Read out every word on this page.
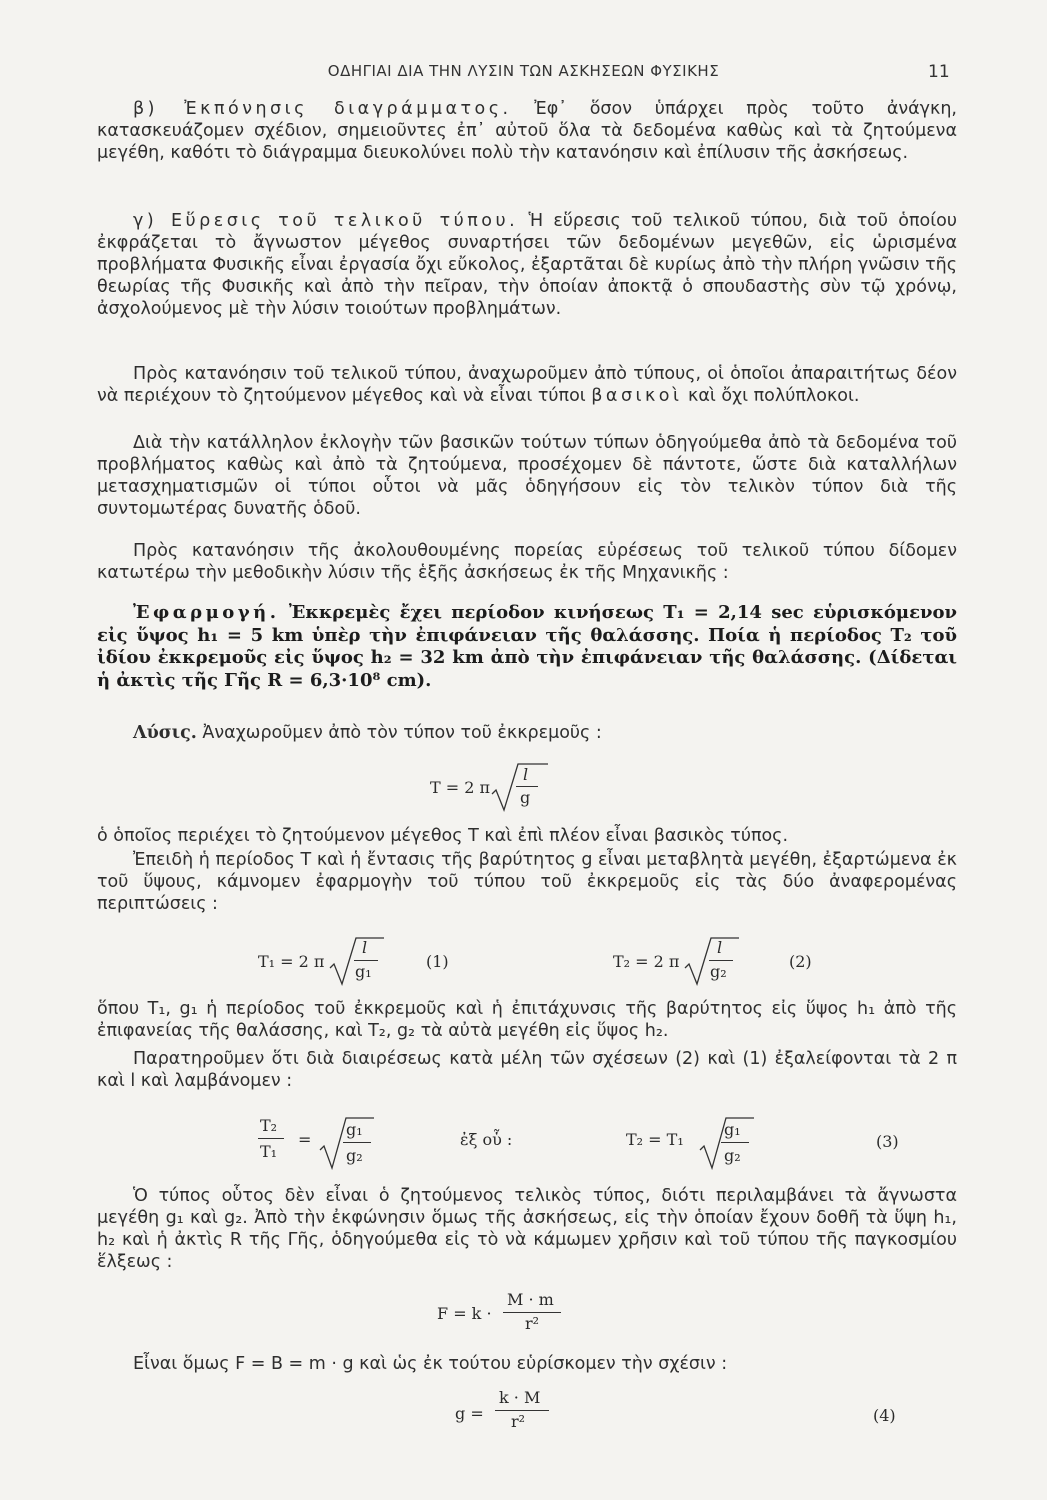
ΟΔΗΓΙΑΙ ΔΙΑ ΤΗΝ ΛΥΣΙΝ ΤΩΝ ΑΣΚΗΣΕΩΝ ΦΥΣΙΚΗΣ	11

β) Ἐκπόνησις διαγράμματος. Ἐφ᾽ ὅσον ὑπάρχει πρὸς τοῦτο ἀνάγκη, κατασκευάζομεν σχέδιον, σημειοῦντες ἐπ᾽ αὐτοῦ ὅλα τὰ δεδομένα καθὼς καὶ τὰ ζητούμενα μεγέθη, καθότι τὸ διάγραμμα διευκολύνει πολὺ τὴν κατανόησιν καὶ ἐπίλυσιν τῆς ἀσκήσεως.

γ) Εὕρεσις τοῦ τελικοῦ τύπου. Ἡ εὕρεσις τοῦ τελικοῦ τύπου, διὰ τοῦ ὁποίου ἐκφράζεται τὸ ἄγνωστον μέγεθος συναρτήσει τῶν δεδομένων μεγεθῶν, εἰς ὡρισμένα προβλήματα Φυσικῆς εἶναι ἐργασία ὄχι εὔκολος, ἐξαρτᾶται δὲ κυρίως ἀπὸ τὴν πλήρη γνῶσιν τῆς θεωρίας τῆς Φυσικῆς καὶ ἀπὸ τὴν πεῖραν, τὴν ὁποίαν ἀποκτᾷ ὁ σπουδαστὴς σὺν τῷ χρόνῳ, ἀσχολούμενος μὲ τὴν λύσιν τοιούτων προβλημάτων.

Πρὸς κατανόησιν τοῦ τελικοῦ τύπου, ἀναχωροῦμεν ἀπὸ τύπους, οἱ ὁποῖοι ἀπαραιτήτως δέον νὰ περιέχουν τὸ ζητούμενον μέγεθος καὶ νὰ εἶναι τύποι βασικοὶ καὶ ὄχι πολύπλοκοι.

Διὰ τὴν κατάλληλον ἐκλογὴν τῶν βασικῶν τούτων τύπων ὁδηγούμεθα ἀπὸ τὰ δεδομένα τοῦ προβλήματος καθὼς καὶ ἀπὸ τὰ ζητούμενα, προσέχομεν δὲ πάντοτε, ὥστε διὰ καταλλήλων μετασχηματισμῶν οἱ τύποι οὗτοι νὰ μᾶς ὁδηγήσουν εἰς τὸν τελικὸν τύπον διὰ τῆς συντομωτέρας δυνατῆς ὁδοῦ.

Πρὸς κατανόησιν τῆς ἀκολουθουμένης πορείας εὑρέσεως τοῦ τελικοῦ τύπου δίδομεν κατωτέρω τὴν μεθοδικὴν λύσιν τῆς ἑξῆς ἀσκήσεως ἐκ τῆς Μηχανικῆς :

Ἐφαρμογή. Ἐκκρεμὲς ἔχει περίοδον κινήσεως T₁ = 2,14 sec εὑρισκόμενον εἰς ὕψος h₁ = 5 km ὑπὲρ τὴν ἐπιφάνειαν τῆς θαλάσσης. Ποία ἡ περίοδος T₂ τοῦ ἰδίου ἐκκρεμοῦς εἰς ὕψος h₂ = 32 km ἀπὸ τὴν ἐπιφάνειαν τῆς θαλάσσης. (Δίδεται ἡ ἀκτὶς τῆς Γῆς R = 6,3·10⁸ cm).

Λύσις. Ἀναχωροῦμεν ἀπὸ τὸν τύπον τοῦ ἐκκρεμοῦς :

T = 2 π
l
g

ὁ ὁποῖος περιέχει τὸ ζητούμενον μέγεθος T καὶ ἐπὶ πλέον εἶναι βασικὸς τύπος.

Ἐπειδὴ ἡ περίοδος T καὶ ἡ ἔντασις τῆς βαρύτητος g εἶναι μεταβλητὰ μεγέθη, ἐξαρτώμενα ἐκ τοῦ ὕψους, κάμνομεν ἐφαρμογὴν τοῦ τύπου τοῦ ἐκκρεμοῦς εἰς τὰς δύο ἀναφερομένας περιπτώσεις :

T₁ = 2 π
l
g₁
(1)	T₂ = 2 π
l
g₂
(2)

ὅπου T₁, g₁ ἡ περίοδος τοῦ ἐκκρεμοῦς καὶ ἡ ἐπιτάχυνσις τῆς βαρύτητος εἰς ὕψος h₁ ἀπὸ τῆς ἐπιφανείας τῆς θαλάσσης, καὶ T₂, g₂ τὰ αὐτὰ μεγέθη εἰς ὕψος h₂.

Παρατηροῦμεν ὅτι διὰ διαιρέσεως κατὰ μέλη τῶν σχέσεων (2) καὶ (1) ἐξαλείφονται τὰ 2 π καὶ l καὶ λαμβάνομεν :

T₂
T₁
=
g₁
g₂
ἐξ οὗ :	T₂ = T₁
g₁
g₂
(3)

Ὁ τύπος οὗτος δὲν εἶναι ὁ ζητούμενος τελικὸς τύπος, διότι περιλαμβάνει τὰ ἄγνωστα μεγέθη g₁ καὶ g₂. Ἀπὸ τὴν ἐκφώνησιν ὅμως τῆς ἀσκήσεως, εἰς τὴν ὁποίαν ἔχουν δοθῆ τὰ ὕψη h₁, h₂ καὶ ἡ ἀκτὶς R τῆς Γῆς, ὁδηγούμεθα εἰς τὸ νὰ κάμωμεν χρῆσιν καὶ τοῦ τύπου τῆς παγκοσμίου ἕλξεως :

F = k ·
M · m
r²

Εἶναι ὅμως F = B = m · g καὶ ὡς ἐκ τούτου εὑρίσκομεν τὴν σχέσιν :

g =
k · M
r²	(4)
